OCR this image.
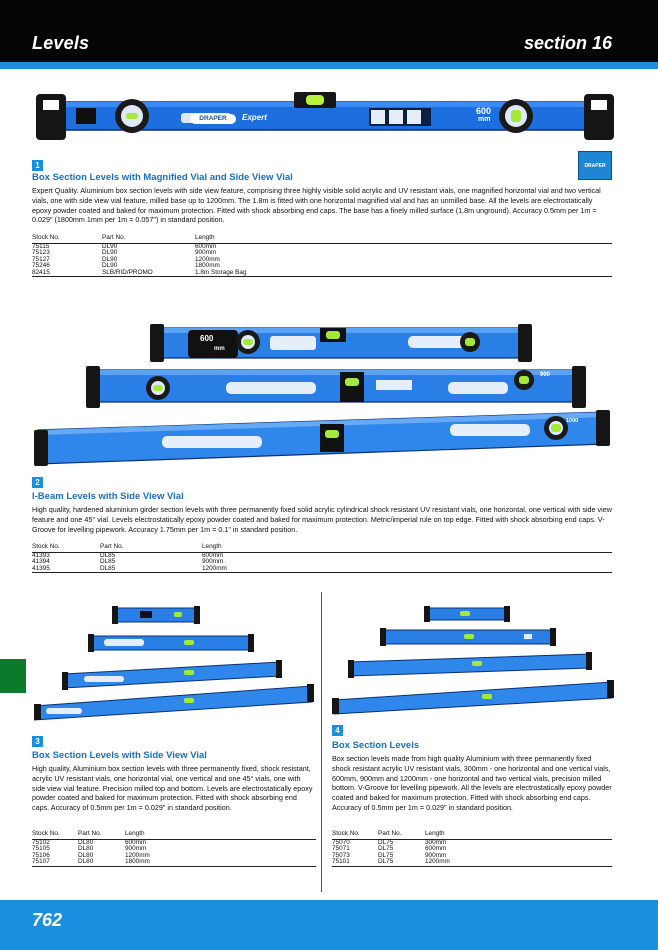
Levels	section 16
DRAPER	Expert
600
mm
DRAPER
1
Box Section Levels with Magnified Vial and Side View Vial
Expert Quality. Aluminium box section levels with side view feature, comprising three highly visible solid acrylic and UV resistant vials, one magnified horizontal vial and two vertical vials, one with side view vial feature, milled base up to 1200mm. The 1.8m is fitted with one horizontal magnified vial and has an unmilled base. All the levels are electrostatically epoxy powder coated and baked for maximum protection. Fitted with shock absorbing end caps. The base has a finely milled surface (1.8m unground). Accuracy 0.5mm per 1m = 0.029" (1800mm 1mm per 1m = 0.057") in standard position.
Stock No.	Part No.	Length
75115	DL90	600mm
75123	DL90	900mm
75127	DL90	1200mm
75246	DL90	1800mm
82415	SLB/RID/PROMO	1.8m Storage Bag
600
mm
900
1000
2
I-Beam Levels with Side View Vial
High quality, hardened aluminium girder section levels with three permanently fixed solid acrylic cylindrical shock resistant UV resistant vials, one horizontal, one vertical with side view feature and one 45° vial. Levels electrostatically epoxy powder coated and baked for maximum protection. Metric/imperial rule on top edge. Fitted with shock absorbing end caps. V-Groove for levelling pipework. Accuracy 1.75mm per 1m = 0.1" in standard position.
Stock No.	Part No.	Length
41393	DL85	600mm
41394	DL85	900mm
41395	DL85	1200mm
3
Box Section Levels with Side View Vial
High quality, Aluminium box section levels with three permanently fixed, shock resistant, acrylic UV resistant vials, one horizontal vial, one vertical and one 45° vials, one with side view vial feature. Precision milled top and bottom. Levels are electrostatically epoxy powder coated and baked for maximum protection. Fitted with shock absorbing end caps. Accuracy of 0.5mm per 1m = 0.029" in standard position.
Stock No.	Part No.	Length
75102	DL80	600mm
75105	DL80	900mm
75106	DL80	1200mm
75107	DL80	1800mm
4
Box Section Levels
Box section levels made from high quality Aluminium with three permanently fixed shock resistant acrylic UV resistant vials, 300mm - one horizontal and one vertical vials, 600mm, 900mm and 1200mm - one horizontal and two vertical vials, precision milled bottom. V-Groove for levelling pipework. All the levels are electrostatically epoxy powder coated and baked for maximum protection. Fitted with shock absorbing end caps. Accuracy of 0.5mm per 1m = 0.029" in standard position.
Stock No.	Part No.	Length
75070	DL75	300mm
75071	DL75	600mm
75073	DL75	900mm
75101	DL75	1200mm
762
